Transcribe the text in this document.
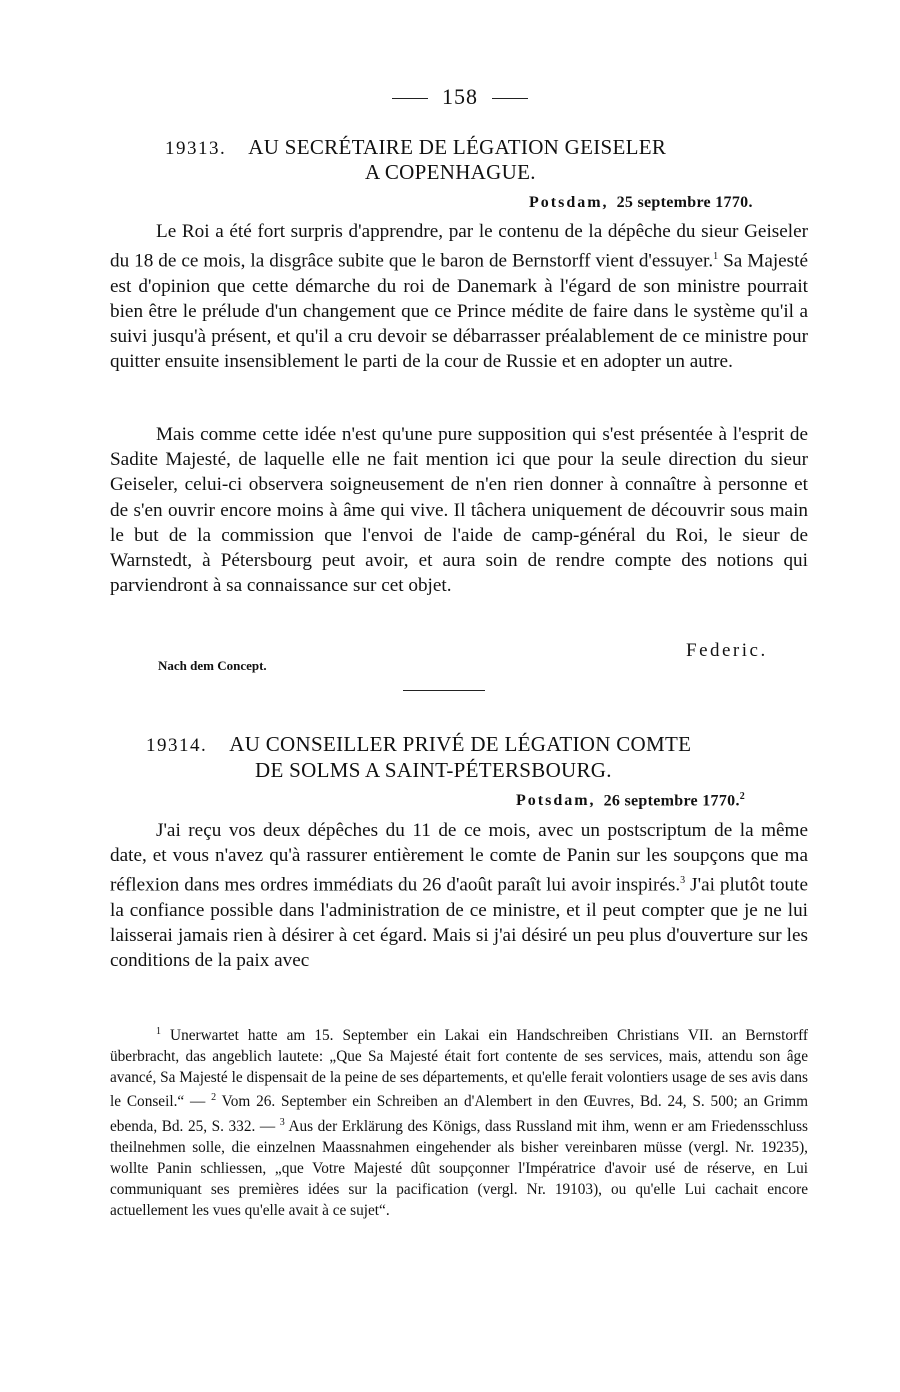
158
19313. AU SECRÉTAIRE DE LÉGATION GEISELER
A COPENHAGUE.
Potsdam, 25 septembre 1770.

Le Roi a été fort surpris d'apprendre, par le contenu de la dépêche du sieur Geiseler du 18 de ce mois, la disgrâce subite que le baron de Bernstorff vient d'essuyer.$^1$ Sa Majesté est d'opinion que cette démarche du roi de Danemark à l'égard de son ministre pourrait bien être le prélude d'un changement que ce Prince médite de faire dans le système qu'il a suivi jusqu'à présent, et qu'il a cru devoir se débarrasser préalablement de ce ministre pour quitter ensuite insensiblement le parti de la cour de Russie et en adopter un autre.

Mais comme cette idée n'est qu'une pure supposition qui s'est présentée à l'esprit de Sadite Majesté, de laquelle elle ne fait mention ici que pour la seule direction du sieur Geiseler, celui-ci observera soigneusement de n'en rien donner à connaître à personne et de s'en ouvrir encore moins à âme qui vive. Il tâchera uniquement de découvrir sous main le but de la commission que l'envoi de l'aide de camp-général du Roi, le sieur de Warnstedt, à Pétersbourg peut avoir, et aura soin de rendre compte des notions qui parviendront à sa connaissance sur cet objet.

Federic.
Nach dem Concept.
19314. AU CONSEILLER PRIVÉ DE LÉGATION COMTE
DE SOLMS A SAINT-PÉTERSBOURG.
Potsdam, 26 septembre 1770.$^2$

J'ai reçu vos deux dépêches du 11 de ce mois, avec un postscriptum de la même date, et vous n'avez qu'à rassurer entièrement le comte de Panin sur les soupçons que ma réflexion dans mes ordres immédiats du 26 d'août paraît lui avoir inspirés.$^3$ J'ai plutôt toute la confiance possible dans l'administration de ce ministre, et il peut compter que je ne lui laisserai jamais rien à désirer à cet égard. Mais si j'ai désiré un peu plus d'ouverture sur les conditions de la paix avec

$^1$ Unerwartet hatte am 15. September ein Lakai ein Handschreiben Christians VII. an Bernstorff überbracht, das angeblich lautete: „Que Sa Majesté était fort contente de ses services, mais, attendu son âge avancé, Sa Majesté le dispensait de la peine de ses départements, et qu'elle ferait volontiers usage de ses avis dans le Conseil.“ — $^2$ Vom 26. September ein Schreiben an d'Alembert in den Œuvres, Bd. 24, S. 500; an Grimm ebenda, Bd. 25, S. 332. — $^3$ Aus der Erklärung des Königs, dass Russland mit ihm, wenn er am Friedensschluss theilnehmen solle, die einzelnen Maassnahmen eingehender als bisher vereinbaren müsse (vergl. Nr. 19235), wollte Panin schliessen, „que Votre Majesté dût soupçonner l'Impératrice d'avoir usé de réserve, en Lui communiquant ses premières idées sur la pacification (vergl. Nr. 19103), ou qu'elle Lui cachait encore actuellement les vues qu'elle avait à ce sujet“.
